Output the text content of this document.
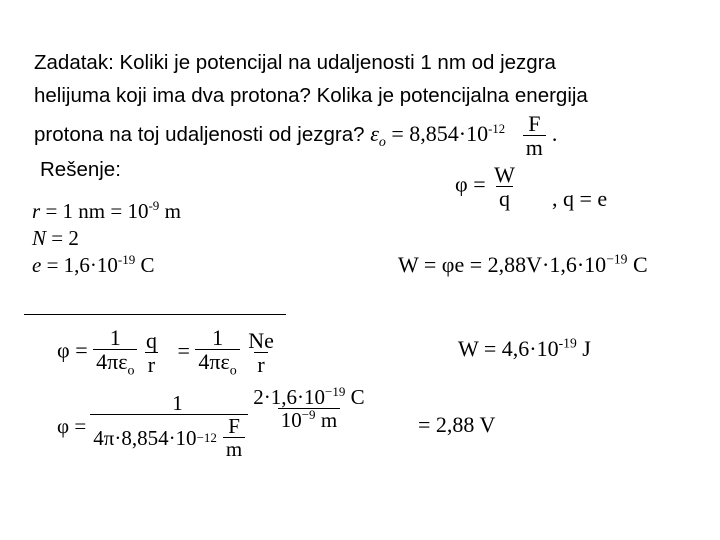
Zadatak: Koliki je potencijal na udaljenosti 1 nm od jezgra
helijuma koji ima dva protona? Kolika je potencijalna energija
protona na toj udaljenosti od jezgra? $\varepsilon_o = 8,854\cdot 10^{-12} \frac{F}{m}$ .
Rešenje:
r = 1 nm = $10^{-9}$ m
N = 2
$e = 1,6\cdot 10^{-19}$ C
$\varphi = \frac{W}{q}$ , q = e
$W = \varphi e = 2,88V\cdot 1,6\cdot 10^{-19}$ C
$\varphi = \frac{1}{4\pi\varepsilon_o}$
$\frac{q}{r} = \frac{1}{4\pi\varepsilon_o}$
$\frac{Ne}{r}$	$W = 4,6\cdot 10^{-19}$ J
$\varphi = \frac{1}{4\pi\cdot 8,854\cdot 10 -12 \frac{F}{m}} \frac{2\cdot 1,6\cdot 10^{-19} C}{10^{-9} m} = 2,88$ V
